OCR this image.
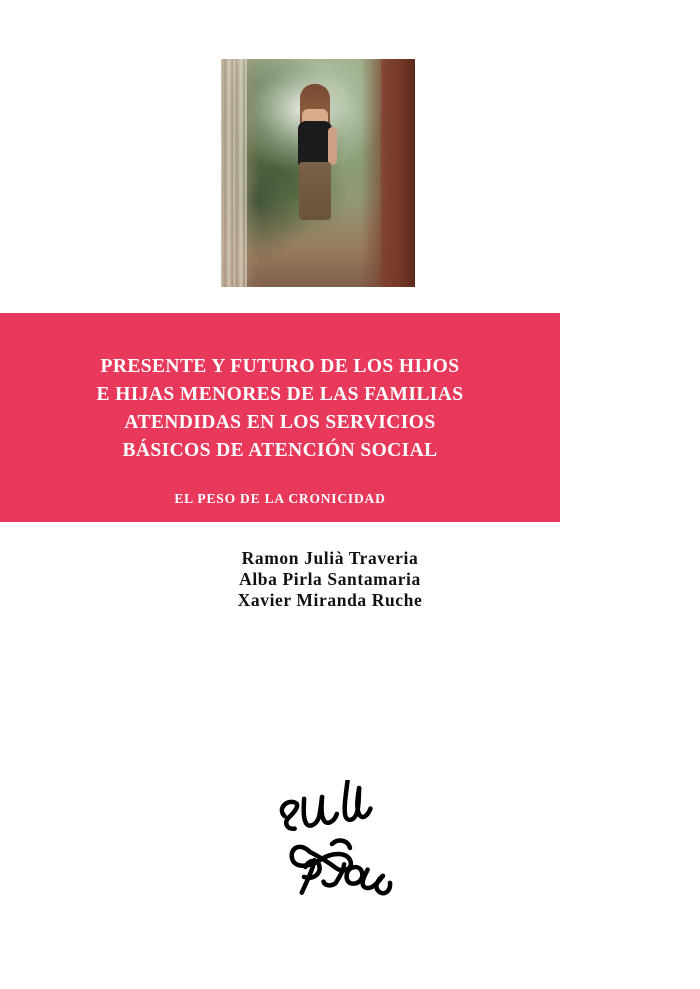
PRESENTE Y FUTURO DE LOS HIJOS
E HIJAS MENORES DE LAS FAMILIAS
ATENDIDAS EN LOS SERVICIOS
BÁSICOS DE ATENCIÓN SOCIAL
EL PESO DE LA CRONICIDAD
Ramon Julià Traveria
Alba Pirla Santamaria
Xavier Miranda Ruche
